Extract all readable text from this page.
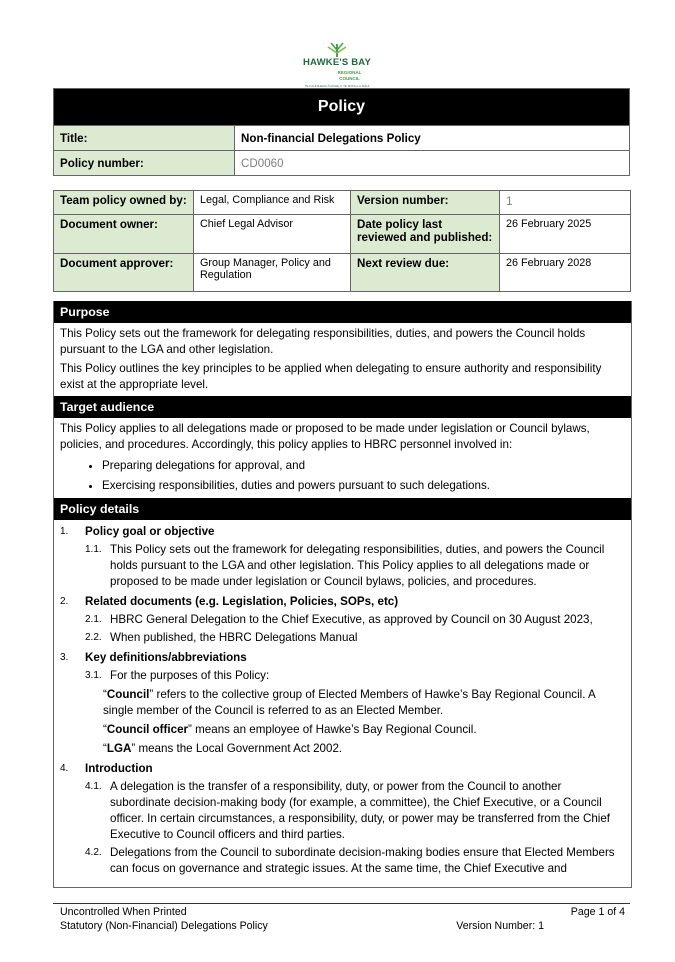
HAWKE'S BAY
REGIONAL COUNCIL
TE KAUNIHERA Ā-ROHE O TE MATAU-A-MĀUI
Policy	
Title:	Non-financial Delegations Policy
Policy number:	CD0060
Team policy owned by:	Legal, Compliance and Risk	Version number:	1
Document owner:	Chief Legal Advisor	Date policy last reviewed and published:	26 February 2025
Document approver:	Group Manager, Policy and Regulation	Next review due:	26 February 2028
Purpose

This Policy sets out the framework for delegating responsibilities, duties, and powers the Council holds pursuant to the LGA and other legislation.

This Policy outlines the key principles to be applied when delegating to ensure authority and responsibility exist at the appropriate level.

Target audience

This Policy applies to all delegations made or proposed to be made under legislation or Council bylaws, policies, and procedures. Accordingly, this policy applies to HBRC personnel involved in:

• Preparing delegations for approval, and
• Exercising responsibilities, duties and powers pursuant to such delegations.
Policy details
1.	Policy goal or objective
1.1. This Policy sets out the framework for delegating responsibilities, duties, and powers the Council holds pursuant to the LGA and other legislation. This Policy applies to all delegations made or proposed to be made under legislation or Council bylaws, policies, and procedures.
2.	Related documents (e.g. Legislation, Policies, SOPs, etc)
2.1. HBRC General Delegation to the Chief Executive, as approved by Council on 30 August 2023,
2.2. When published, the HBRC Delegations Manual
3.	Key definitions/abbreviations
3.1. For the purposes of this Policy:

“Council” refers to the collective group of Elected Members of Hawke’s Bay Regional Council. A single member of the Council is referred to as an Elected Member.

“Council officer” means an employee of Hawke’s Bay Regional Council.

“LGA” means the Local Government Act 2002.

4.	Introduction
4.1. A delegation is the transfer of a responsibility, duty, or power from the Council to another subordinate decision-making body (for example, a committee), the Chief Executive, or a Council officer. In certain circumstances, a responsibility, duty, or power may be transferred from the Chief Executive to Council officers and third parties.
4.2. Delegations from the Council to subordinate decision-making bodies ensure that Elected Members can focus on governance and strategic issues. At the same time, the Chief Executive and
Uncontrolled When Printed	Page 1 of 4
Statutory (Non-Financial) Delegations Policy	Version Number: 1
